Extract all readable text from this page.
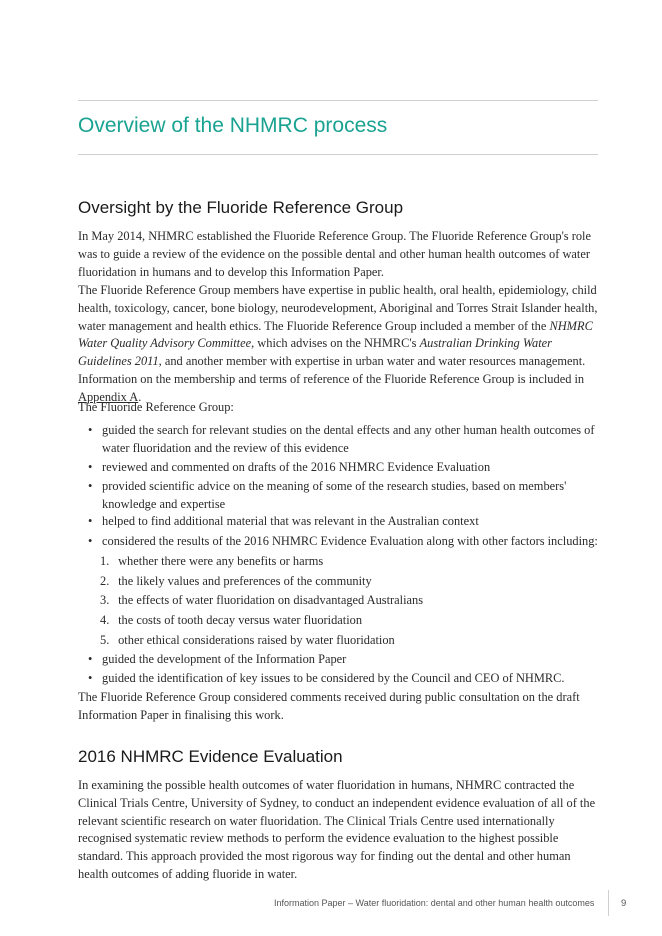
Overview of the NHMRC process
Oversight by the Fluoride Reference Group

In May 2014, NHMRC established the Fluoride Reference Group. The Fluoride Reference Group's role was to guide a review of the evidence on the possible dental and other human health outcomes of water fluoridation in humans and to develop this Information Paper.

The Fluoride Reference Group members have expertise in public health, oral health, epidemiology, child health, toxicology, cancer, bone biology, neurodevelopment, Aboriginal and Torres Strait Islander health, water management and health ethics. The Fluoride Reference Group included a member of the NHMRC Water Quality Advisory Committee, which advises on the NHMRC's Australian Drinking Water Guidelines 2011, and another member with expertise in urban water and water resources management. Information on the membership and terms of reference of the Fluoride Reference Group is included in Appendix A.

The Fluoride Reference Group:

• guided the search for relevant studies on the dental effects and any other human health outcomes of water fluoridation and the review of this evidence
• reviewed and commented on drafts of the 2016 NHMRC Evidence Evaluation
• provided scientific advice on the meaning of some of the research studies, based on members' knowledge and expertise
• helped to find additional material that was relevant in the Australian context
• considered the results of the 2016 NHMRC Evidence Evaluation along with other factors including:
1. whether there were any benefits or harms
2. the likely values and preferences of the community
3. the effects of water fluoridation on disadvantaged Australians
4. the costs of tooth decay versus water fluoridation
5. other ethical considerations raised by water fluoridation
• guided the development of the Information Paper
• guided the identification of key issues to be considered by the Council and CEO of NHMRC.

The Fluoride Reference Group considered comments received during public consultation on the draft Information Paper in finalising this work.

2016 NHMRC Evidence Evaluation

In examining the possible health outcomes of water fluoridation in humans, NHMRC contracted the Clinical Trials Centre, University of Sydney, to conduct an independent evidence evaluation of all of the relevant scientific research on water fluoridation. The Clinical Trials Centre used internationally recognised systematic review methods to perform the evidence evaluation to the highest possible standard. This approach provided the most rigorous way for finding out the dental and other human health outcomes of adding fluoride in water.

Information Paper – Water fluoridation: dental and other human health outcomes	9
